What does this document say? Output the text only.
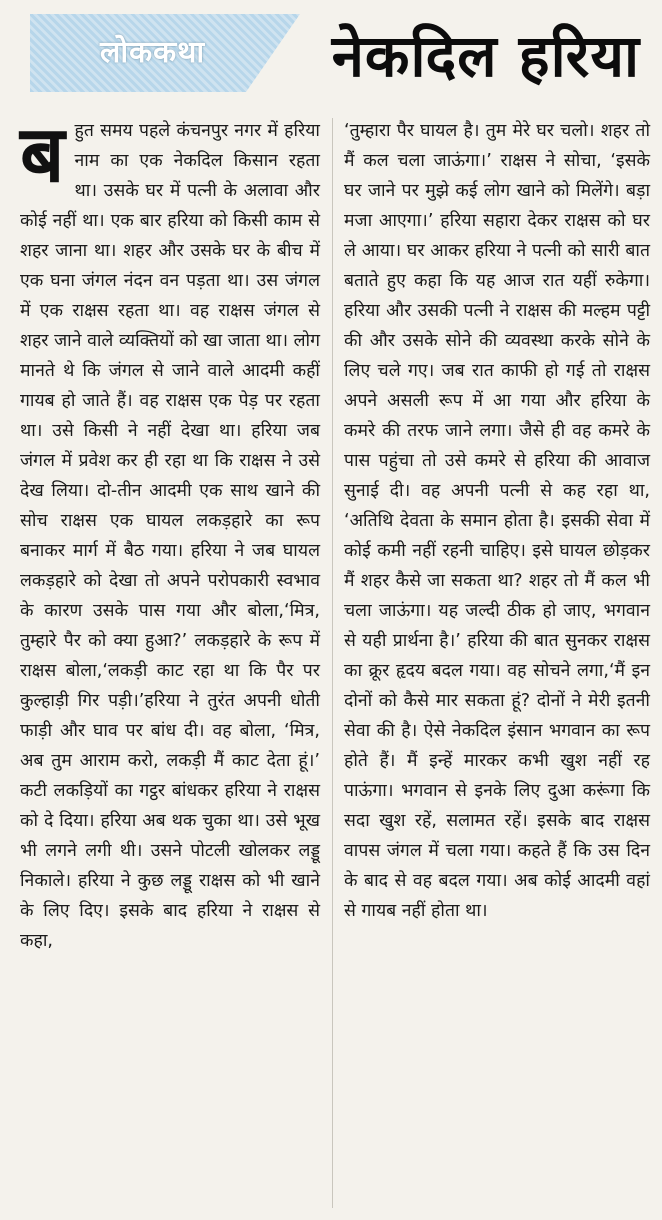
लोककथा नेकदिल हरिया
ब हुत समय पहले कंचनपुर नगर में हरिया नाम का एक नेकदिल किसान रहता था। उसके घर में पत्नी के अलावा और कोई नहीं था। एक बार हरिया को किसी काम से शहर जाना था। शहर और उसके घर के बीच में एक घना जंगल नंदन वन पड़ता था। उस जंगल में एक राक्षस रहता था। वह राक्षस जंगल से शहर जाने वाले व्यक्तियों को खा जाता था। लोग मानते थे कि जंगल से जाने वाले आदमी कहीं गायब हो जाते हैं। वह राक्षस एक पेड़ पर रहता था। उसे किसी ने नहीं देखा था। हरिया जब जंगल में प्रवेश कर ही रहा था कि राक्षस ने उसे देख लिया। दो-तीन आदमी एक साथ खाने की सोच राक्षस एक घायल लकड़हारे का रूप बनाकर मार्ग में बैठ गया। हरिया ने जब घायल लकड़हारे को देखा तो अपने परोपकारी स्वभाव के कारण उसके पास गया और बोला,‘मित्र, तुम्हारे पैर को क्या हुआ?’ लकड़हारे के रूप में राक्षस बोला,‘लकड़ी काट रहा था कि पैर पर कुल्हाड़ी गिर पड़ी।’हरिया ने तुरंत अपनी धोती फाड़ी और घाव पर बांध दी। वह बोला, ‘मित्र, अब तुम आराम करो, लकड़ी मैं काट देता हूं।’ कटी लकड़ियों का गट्ठर बांधकर हरिया ने राक्षस को दे दिया। हरिया अब थक चुका था। उसे भूख भी लगने लगी थी। उसने पोटली खोलकर लड्डू निकाले। हरिया ने कुछ लड्डू राक्षस को भी खाने के लिए दिए। इसके बाद हरिया ने राक्षस से कहा,

‘तुम्हारा पैर घायल है। तुम मेरे घर चलो। शहर तो मैं कल चला जाऊंगा।’ राक्षस ने सोचा, ‘इसके घर जाने पर मुझे कई लोग खाने को मिलेंगे। बड़ा मजा आएगा।’ हरिया सहारा देकर राक्षस को घर ले आया। घर आकर हरिया ने पत्नी को सारी बात बताते हुए कहा कि यह आज रात यहीं रुकेगा। हरिया और उसकी पत्नी ने राक्षस की मल्हम पट्टी की और उसके सोने की व्यवस्था करके सोने के लिए चले गए। जब रात काफी हो गई तो राक्षस अपने असली रूप में आ गया और हरिया के कमरे की तरफ जाने लगा। जैसे ही वह कमरे के पास पहुंचा तो उसे कमरे से हरिया की आवाज सुनाई दी। वह अपनी पत्नी से कह रहा था, ‘अतिथि देवता के समान होता है। इसकी सेवा में कोई कमी नहीं रहनी चाहिए। इसे घायल छोड़कर मैं शहर कैसे जा सकता था? शहर तो मैं कल भी चला जाऊंगा। यह जल्दी ठीक हो जाए, भगवान से यही प्रार्थना है।’ हरिया की बात सुनकर राक्षस का क्रूर हृदय बदल गया। वह सोचने लगा,‘मैं इन दोनों को कैसे मार सकता हूं? दोनों ने मेरी इतनी सेवा की है। ऐसे नेकदिल इंसान भगवान का रूप होते हैं। मैं इन्हें मारकर कभी खुश नहीं रह पाऊंगा। भगवान से इनके लिए दुआ करूंगा कि सदा खुश रहें, सलामत रहें। इसके बाद राक्षस वापस जंगल में चला गया। कहते हैं कि उस दिन के बाद से वह बदल गया। अब कोई आदमी वहां से गायब नहीं होता था।
